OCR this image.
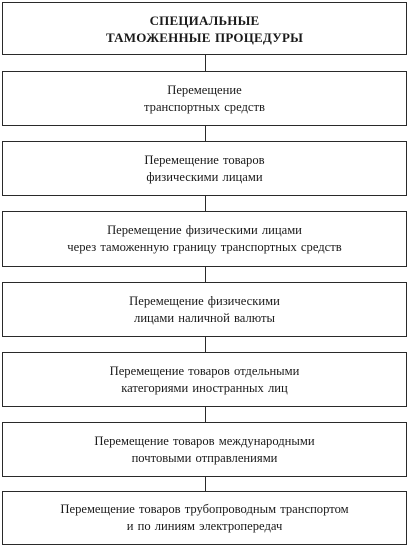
СПЕЦИАЛЬНЫЕ
ТАМОЖЕННЫЕ ПРОЦЕДУРЫ
Перемещение
транспортных средств
Перемещение товаров
физическими лицами
Перемещение физическими лицами
через таможенную границу транспортных средств
Перемещение физическими
лицами наличной валюты
Перемещение товаров отдельными
категориями иностранных лиц
Перемещение товаров международными
почтовыми отправлениями
Перемещение товаров трубопроводным транспортом
и по линиям электропередач
